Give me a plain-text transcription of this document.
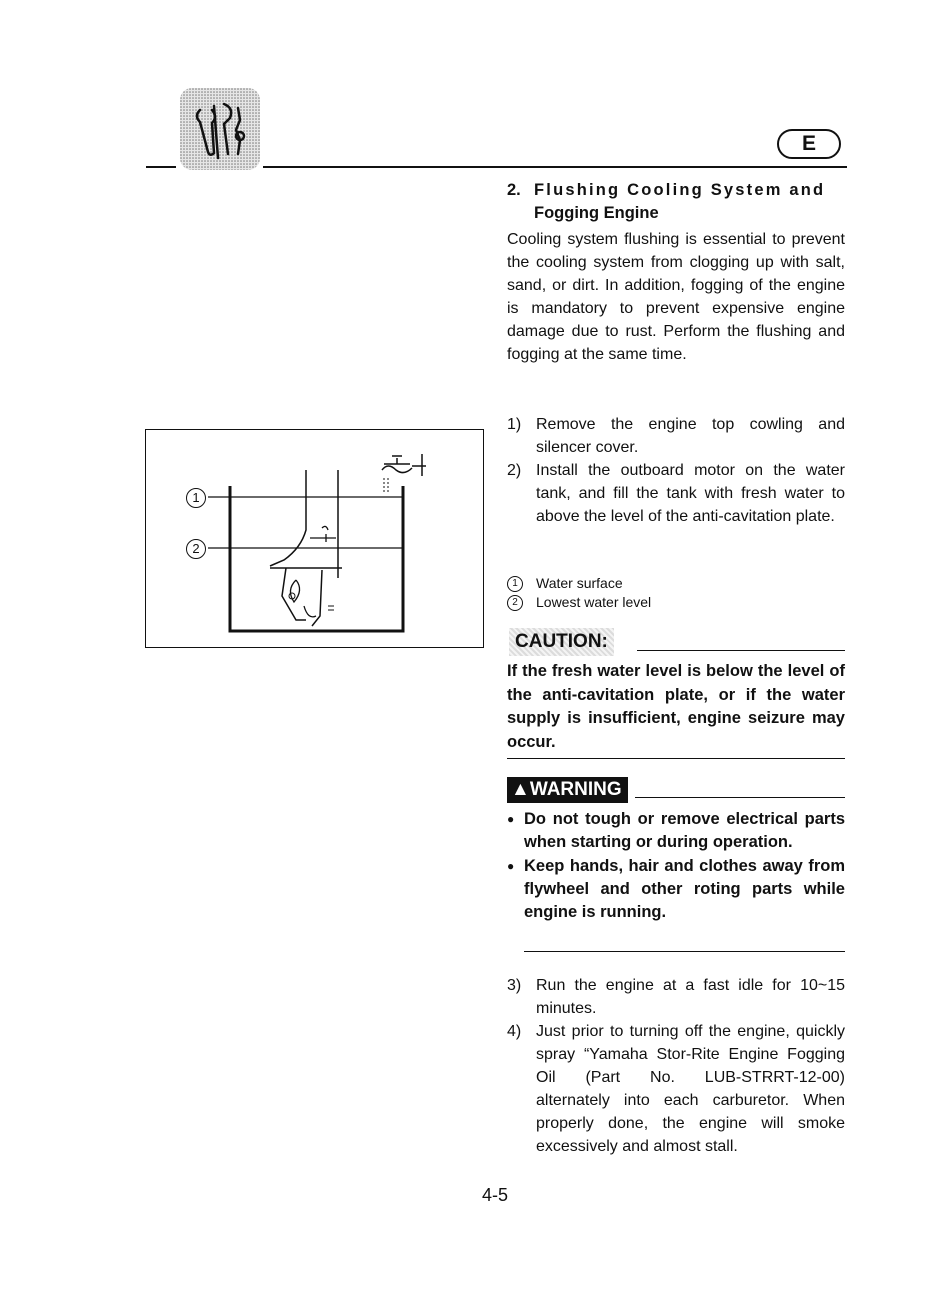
E
2. Flushing Cooling System and
Fogging Engine

Cooling system flushing is essential to prevent the cooling system from clogging up with salt, sand, or dirt. In addition, fogging of the engine is mandatory to prevent expensive engine damage due to rust. Perform the flushing and fogging at the same time.

1) Remove the engine top cowling and silencer cover.
2) Install the outboard motor on the water tank, and fill the tank with fresh water to above the level of the anti-cavitation plate.
1	Water surface
2	Lowest water level
CAUTION:
If the fresh water level is below the level of the anti-cavitation plate, or if the water supply is insufficient, engine seizure may occur.
▲WARNING
● Do not tough or remove electrical parts when starting or during operation.
● Keep hands, hair and clothes away from flywheel and other roting parts while engine is running.
3) Run the engine at a fast idle for 10~15 minutes.
4) Just prior to turning off the engine, quickly spray “Yamaha Stor-Rite Engine Fogging Oil (Part No. LUB-STRRT-12-00) alternately into each carburetor. When properly done, the engine will smoke excessively and almost stall.
1
2
4-5
